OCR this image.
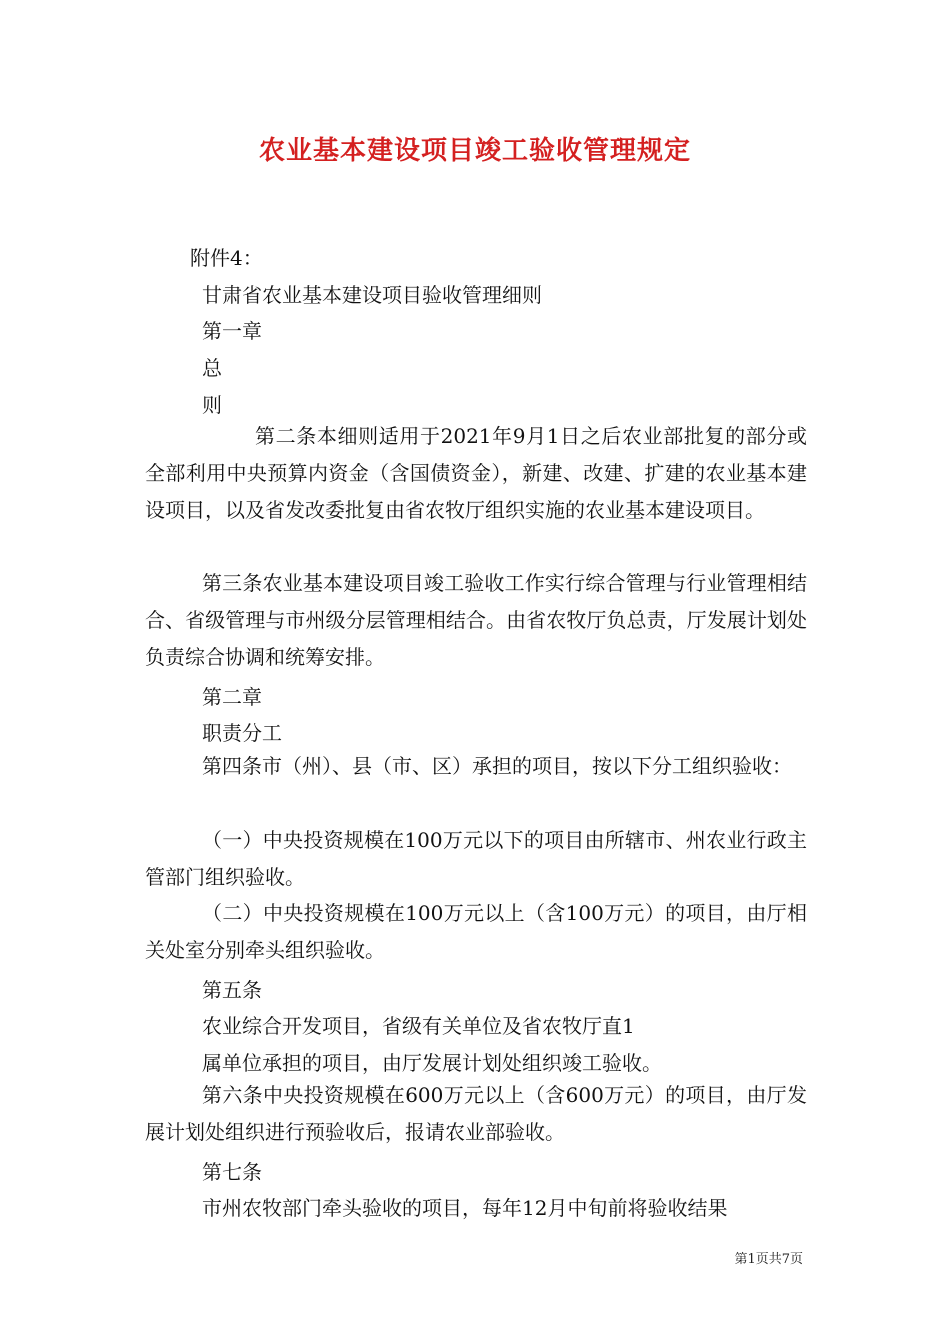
农业基本建设项目竣工验收管理规定
附件4：
甘肃省农业基本建设项目验收管理细则
第一章
总
则
第二条本细则适用于2021年9月1日之后农业部批复的部分或全部利用中央预算内资金（含国债资金），新建、改建、扩建的农业基本建设项目，以及省发改委批复由省农牧厅组织实施的农业基本建设项目。
第三条农业基本建设项目竣工验收工作实行综合管理与行业管理相结合、省级管理与市州级分层管理相结合。由省农牧厅负总责，厅发展计划处负责综合协调和统筹安排。
第二章
职责分工
第四条市（州）、县（市、区）承担的项目，按以下分工组织验收：
（一）中央投资规模在100万元以下的项目由所辖市、州农业行政主管部门组织验收。
（二）中央投资规模在100万元以上（含100万元）的项目，由厅相关处室分别牵头组织验收。
第五条
农业综合开发项目，省级有关单位及省农牧厅直1
属单位承担的项目，由厅发展计划处组织竣工验收。
第六条中央投资规模在600万元以上（含600万元）的项目，由厅发展计划处组织进行预验收后，报请农业部验收。
第七条
市州农牧部门牵头验收的项目，每年12月中旬前将验收结果
第1页共7页
